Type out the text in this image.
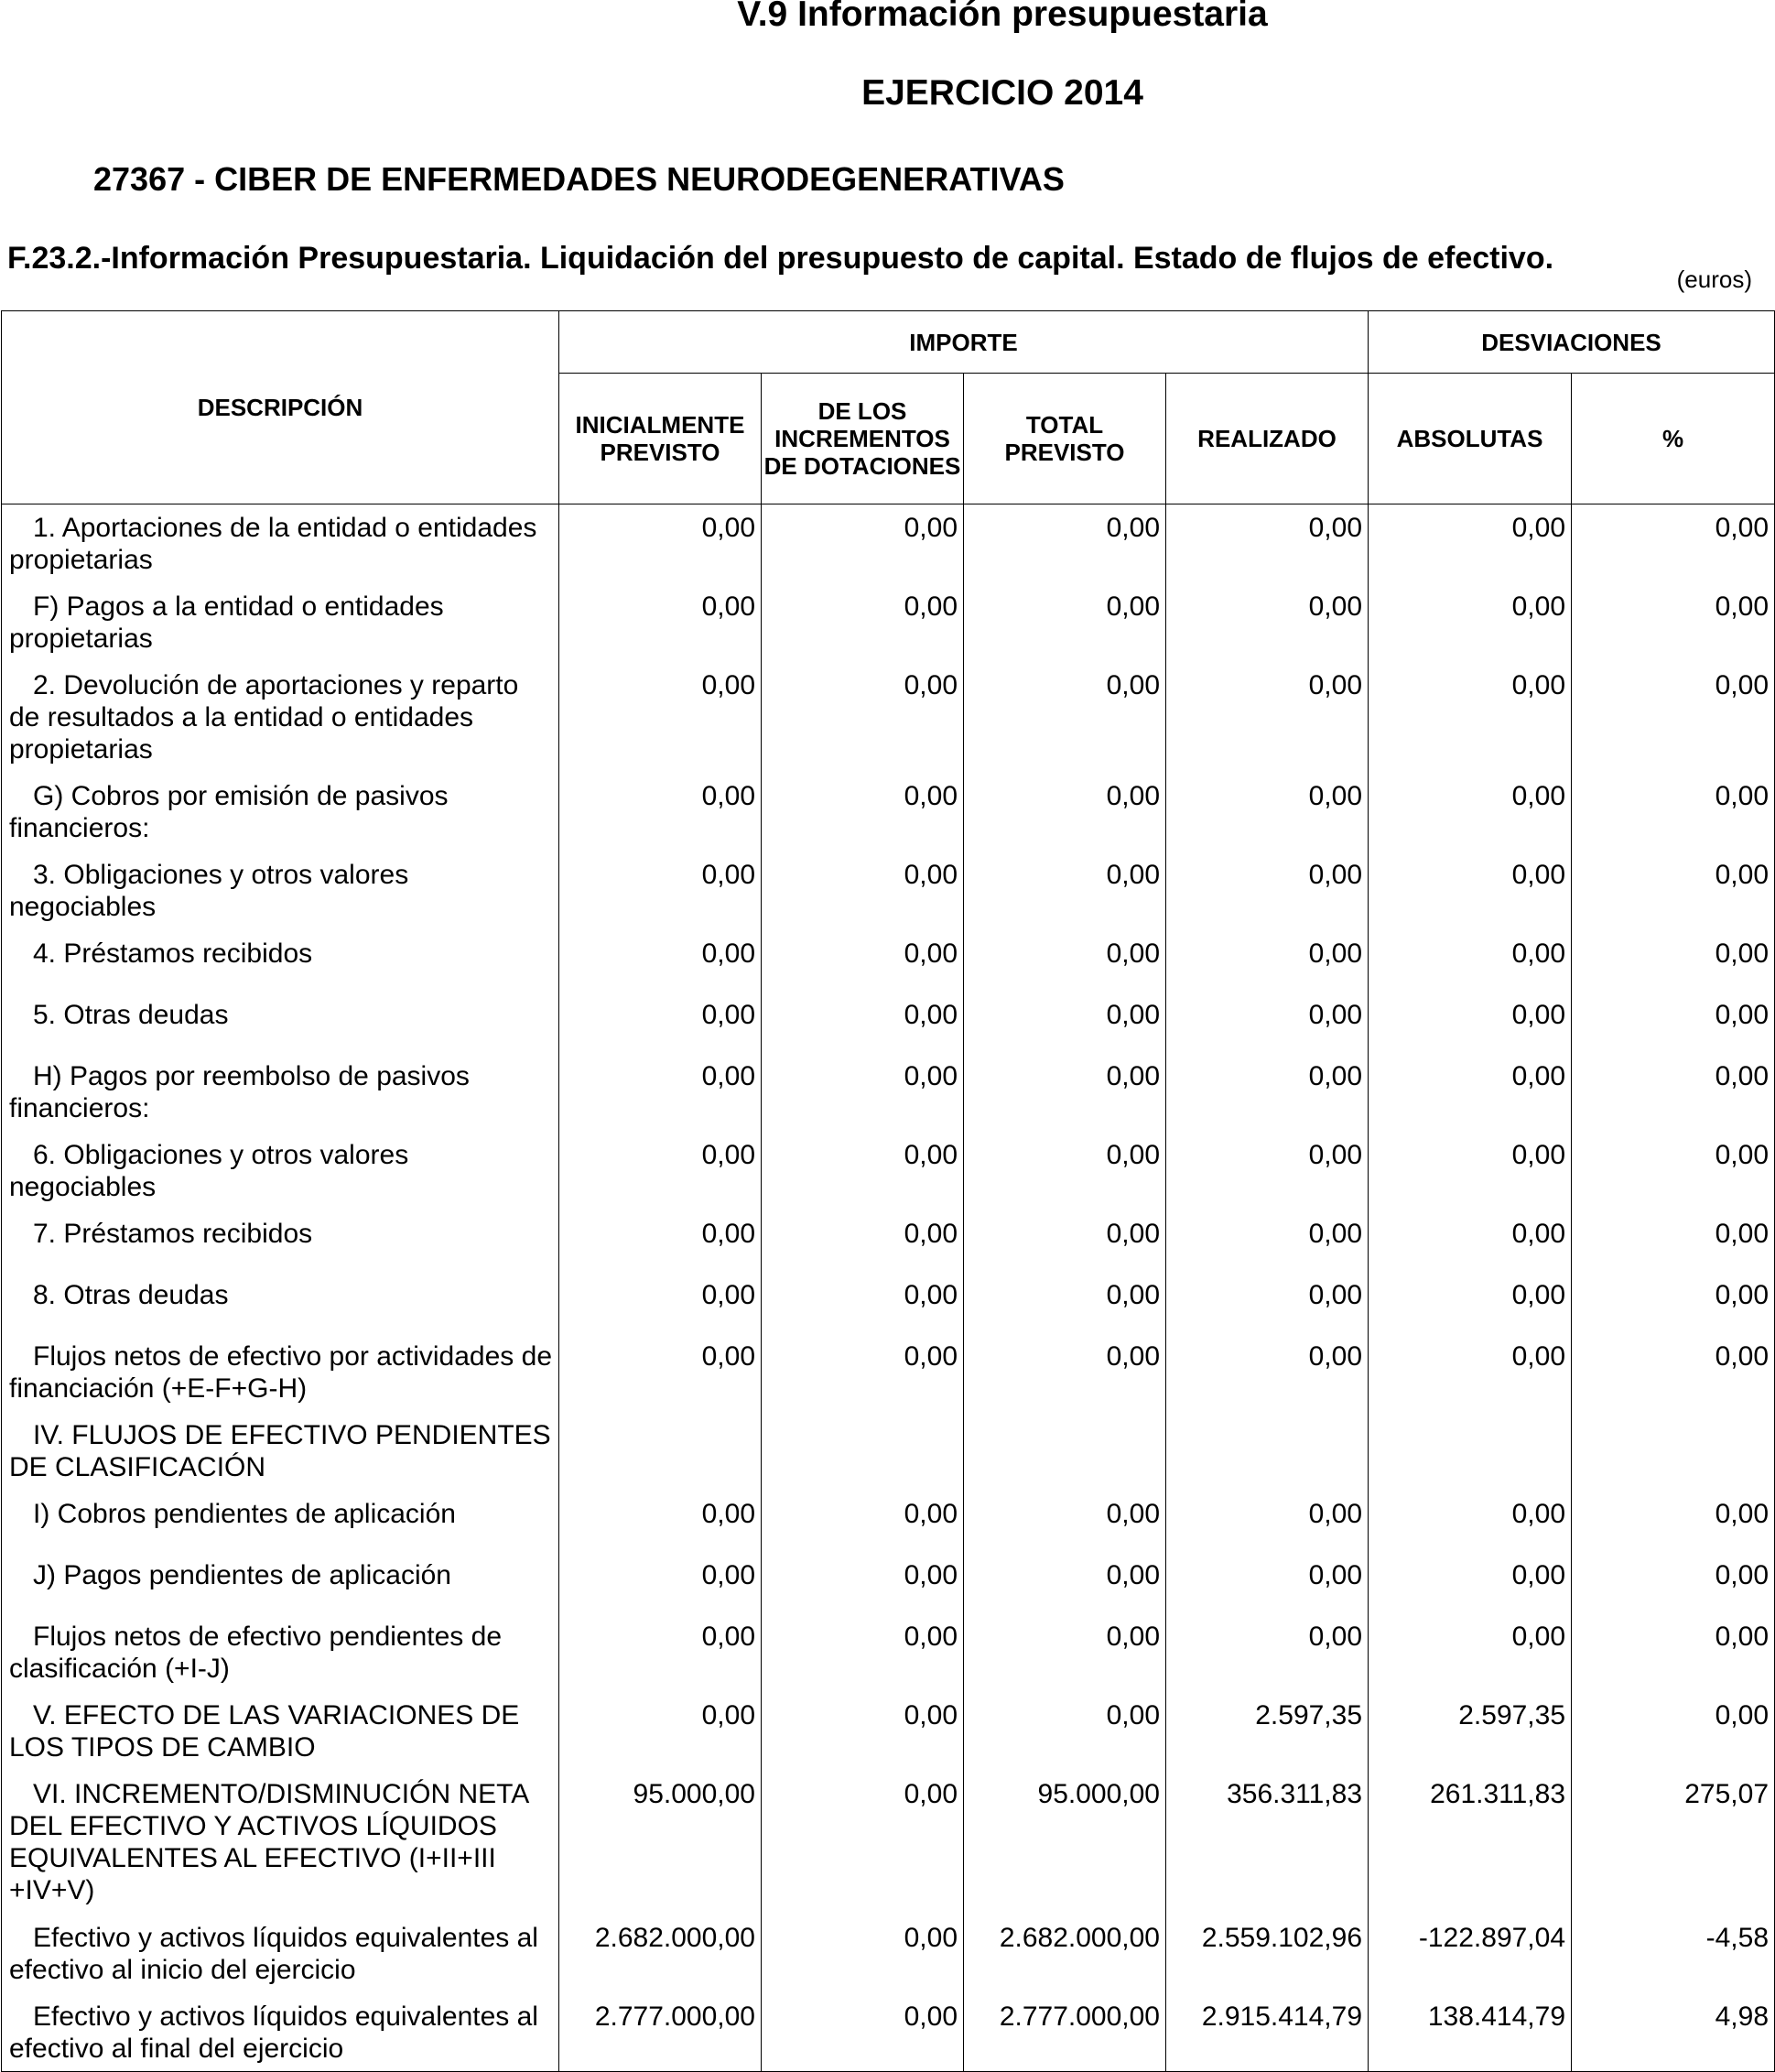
V.9 Información presupuestaria
EJERCICIO 2014
27367 - CIBER DE ENFERMEDADES NEURODEGENERATIVAS
F.23.2.-Información Presupuestaria. Liquidación del presupuesto de capital. Estado de flujos de efectivo.
(euros)
DESCRIPCIÓN	IMPORTE				DESVIACIONES	
	INICIALMENTE PREVISTO	DE LOS INCREMENTOS DE DOTACIONES	TOTAL PREVISTO	REALIZADO	ABSOLUTAS	%
1. Aportaciones de la entidad o entidades propietarias	0,00	0,00	0,00	0,00	0,00	0,00
F) Pagos a la entidad o entidades propietarias	0,00	0,00	0,00	0,00	0,00	0,00
2. Devolución de aportaciones y reparto de resultados a la entidad o entidades propietarias	0,00	0,00	0,00	0,00	0,00	0,00
G) Cobros por emisión de pasivos financieros:	0,00	0,00	0,00	0,00	0,00	0,00
3. Obligaciones y otros valores negociables	0,00	0,00	0,00	0,00	0,00	0,00
4. Préstamos recibidos	0,00	0,00	0,00	0,00	0,00	0,00
5. Otras deudas	0,00	0,00	0,00	0,00	0,00	0,00
H) Pagos por reembolso de pasivos financieros:	0,00	0,00	0,00	0,00	0,00	0,00
6. Obligaciones y otros valores negociables	0,00	0,00	0,00	0,00	0,00	0,00
7. Préstamos recibidos	0,00	0,00	0,00	0,00	0,00	0,00
8. Otras deudas	0,00	0,00	0,00	0,00	0,00	0,00
Flujos netos de efectivo por actividades de financiación (+E-F+G-H)	0,00	0,00	0,00	0,00	0,00	0,00
IV. FLUJOS DE EFECTIVO PENDIENTES DE CLASIFICACIÓN						
I) Cobros pendientes de aplicación	0,00	0,00	0,00	0,00	0,00	0,00
J) Pagos pendientes de aplicación	0,00	0,00	0,00	0,00	0,00	0,00
Flujos netos de efectivo pendientes de clasificación (+I-J)	0,00	0,00	0,00	0,00	0,00	0,00
V. EFECTO DE LAS VARIACIONES DE LOS TIPOS DE CAMBIO	0,00	0,00	0,00	2.597,35	2.597,35	0,00
VI. INCREMENTO/DISMINUCIÓN NETA DEL EFECTIVO Y ACTIVOS LÍQUIDOS EQUIVALENTES AL EFECTIVO (I+II+III +IV+V)	95.000,00	0,00	95.000,00	356.311,83	261.311,83	275,07
Efectivo y activos líquidos equivalentes al efectivo al inicio del ejercicio	2.682.000,00	0,00	2.682.000,00	2.559.102,96	-122.897,04	-4,58
Efectivo y activos líquidos equivalentes al efectivo al final del ejercicio	2.777.000,00	0,00	2.777.000,00	2.915.414,79	138.414,79	4,98
